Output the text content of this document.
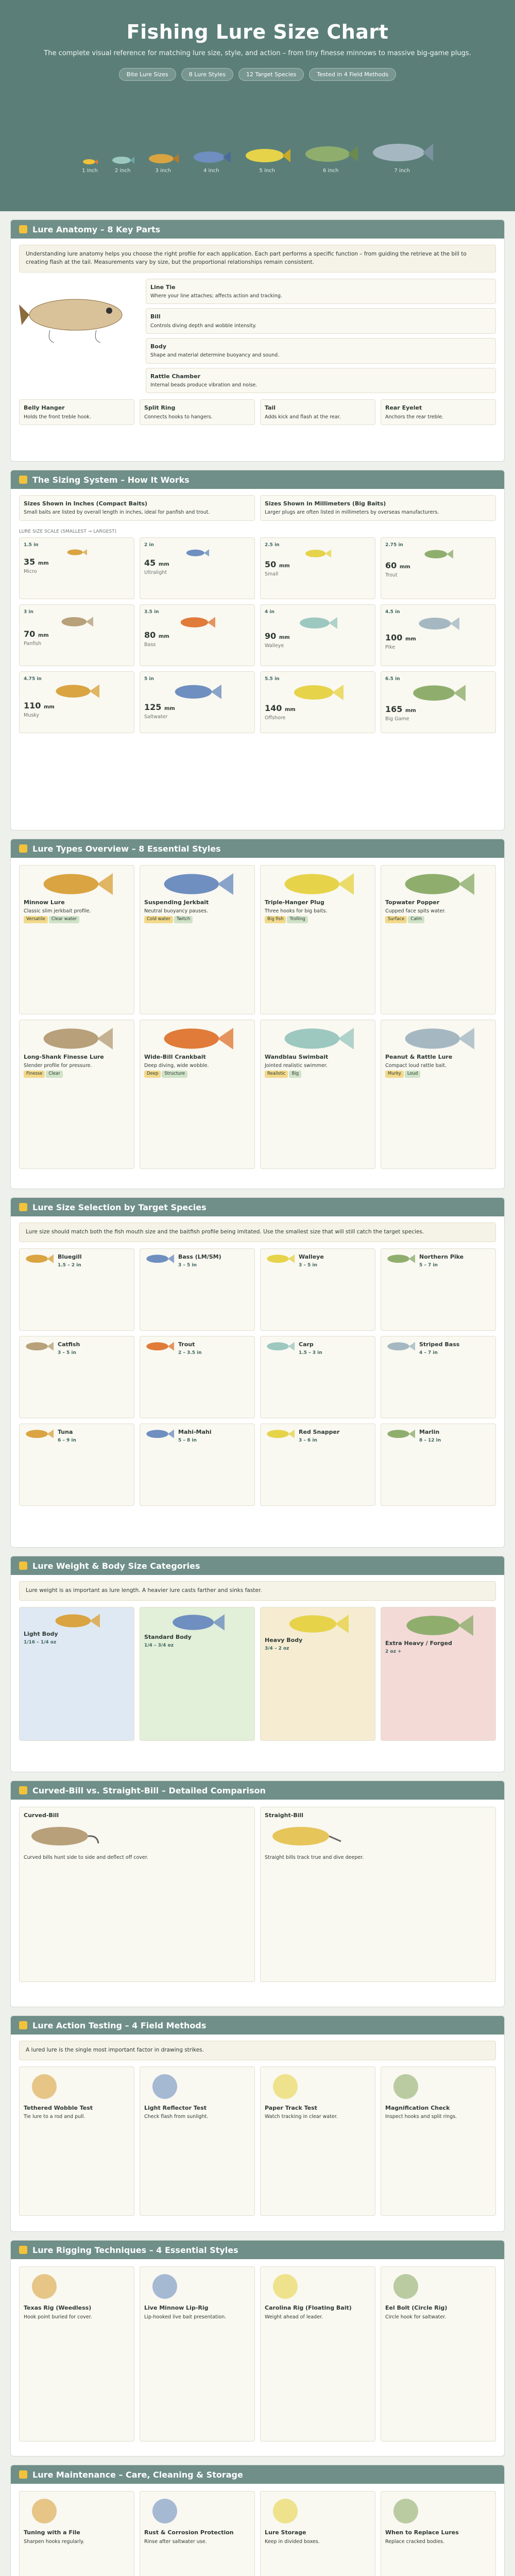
Fishing Lure Size Chart
The complete visual reference for matching lure size, style, and action – from tiny finesse minnows to massive big-game plugs.
Bite Lure Sizes	8 Lure Styles	12 Target Species	Tested in 4 Field Methods
1 inch	2 inch	3 inch	4 inch	5 inch	6 inch	7 inch
Lure Anatomy – 8 Key Parts
Understanding lure anatomy helps you choose the right profile for each application. Each part performs a specific function – from guiding the retrieve at the bill to creating flash at the tail. Measurements vary by size, but the proportional relationships remain consistent.
Line Tie
Where your line attaches; affects action and tracking.
Bill
Controls diving depth and wobble intensity.
Body
Shape and material determine buoyancy and sound.
Rattle Chamber
Internal beads produce vibration and noise.
Belly Hanger
Holds the front treble hook.
Split Ring
Connects hooks to hangers.
Tail
Adds kick and flash at the rear.
Rear Eyelet
Anchors the rear treble.
The Sizing System – How It Works
Sizes Shown in Inches (Compact Baits)
Small baits are listed by overall length in inches, ideal for panfish and trout.
Sizes Shown in Millimeters (Big Baits)
Larger plugs are often listed in millimeters by overseas manufacturers.
LURE SIZE SCALE (SMALLEST → LARGEST)
1.5 in
35 mm
Micro
2 in
45 mm
Ultralight
2.5 in
50 mm
Small
2.75 in
60 mm
Trout
3 in
70 mm
Panfish
3.5 in
80 mm
Bass
4 in
90 mm
Walleye
4.5 in
100 mm
Pike
4.75 in
110 mm
Musky
5 in
125 mm
Saltwater
5.5 in
140 mm
Offshore
6.5 in
165 mm
Big Game
Lure Types Overview – 8 Essential Styles
Minnow Lure
Classic slim jerkbait profile.
Versatile Clear water
Suspending Jerkbait
Neutral buoyancy pauses.
Cold water Twitch
Triple-Hanger Plug
Three hooks for big baits.
Big fish Trolling
Topwater Popper
Cupped face spits water.
Surface Calm
Long-Shank Finesse Lure
Slender profile for pressure.
Finesse Clear
Wide-Bill Crankbait
Deep diving, wide wobble.
Deep Structure
Wandblau Swimbait
Jointed realistic swimmer.
Realistic Big
Peanut & Rattle Lure
Compact loud rattle bait.
Murky Loud
Lure Size Selection by Target Species
Lure size should match both the fish mouth size and the baitfish profile being imitated. Use the smallest size that will still catch the target species.
Bluegill
1.5 – 2 in
Bass (LM/SM)
3 – 5 in
Walleye
3 – 5 in
Northern Pike
5 – 7 in
Catfish
3 – 5 in
Trout
2 – 3.5 in
Carp
1.5 – 3 in
Striped Bass
4 – 7 in
Tuna
6 – 9 in
Mahi-Mahi
5 – 8 in
Red Snapper
3 – 6 in
Marlin
8 – 12 in
Lure Weight & Body Size Categories
Lure weight is as important as lure length. A heavier lure casts farther and sinks faster.
Light Body
1/16 – 1/4 oz
Standard Body
1/4 – 3/4 oz
Heavy Body
3/4 – 2 oz
Extra Heavy / Forged
2 oz +
Curved-Bill vs. Straight-Bill – Detailed Comparison
Curved-Bill
Curved bills hunt side to side and deflect off cover.
Straight-Bill
Straight bills track true and dive deeper.
Lure Action Testing – 4 Field Methods
A lured lure is the single most important factor in drawing strikes.
Tethered Wobble Test
Tie lure to a rod and pull.
Light Reflector Test
Check flash from sunlight.
Paper Track Test
Watch tracking in clear water.
Magnification Check
Inspect hooks and split rings.
Lure Rigging Techniques – 4 Essential Styles
Texas Rig (Weedless)
Hook point buried for cover.
Live Minnow Lip-Rig
Lip-hooked live bait presentation.
Carolina Rig (Floating Bait)
Weight ahead of leader.
Eel Bolt (Circle Rig)
Circle hook for saltwater.
Lure Maintenance – Care, Cleaning & Storage
Tuning with a File
Sharpen hooks regularly.
Rust & Corrosion Protection
Rinse after saltwater use.
Lure Storage
Keep in divided boxes.
When to Replace Lures
Replace cracked bodies.
